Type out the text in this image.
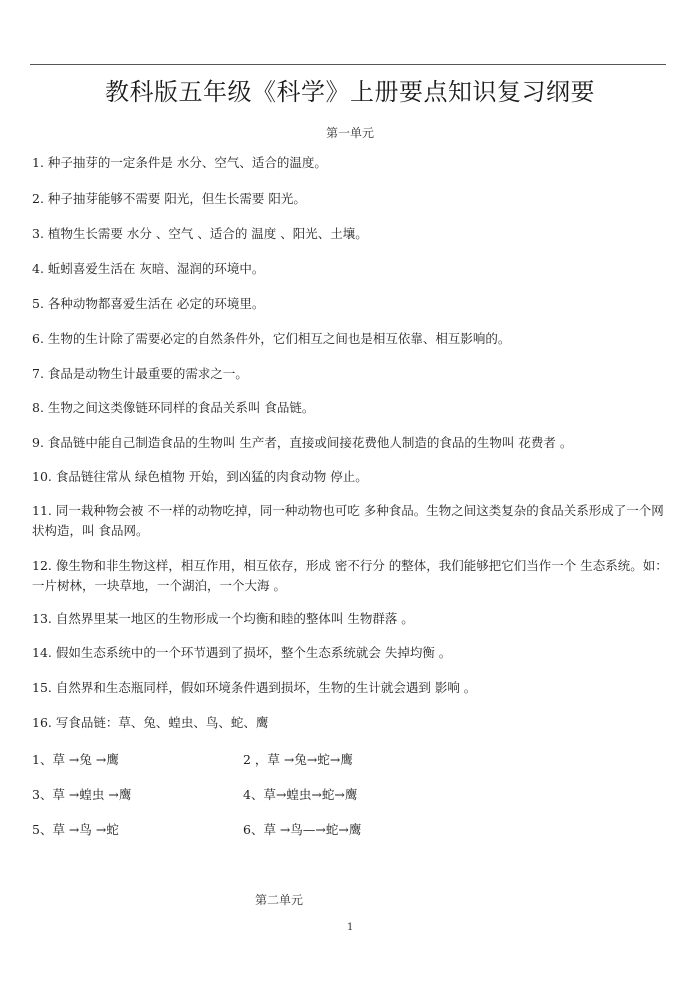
教科版五年级《科学》上册要点知识复习纲要
第一单元
1. 种子抽芽的一定条件是 水分、空气、适合的温度。
2. 种子抽芽能够不需要 阳光，但生长需要 阳光。
3. 植物生长需要 水分 、空气 、适合的 温度 、阳光、土壤。
4. 蚯蚓喜爱生活在 灰暗、湿润的环境中。
5. 各种动物都喜爱生活在 必定的环境里。
6. 生物的生计除了需要必定的自然条件外，它们相互之间也是相互依靠、相互影响的。
7. 食品是动物生计最重要的需求之一。
8. 生物之间这类像链环同样的食品关系叫 食品链。
9. 食品链中能自己制造食品的生物叫 生产者，直接或间接花费他人制造的食品的生物叫 花费者 。
10. 食品链往常从 绿色植物 开始，到凶猛的肉食动物 停止。
11. 同一栽种物会被 不一样的动物吃掉，同一种动物也可吃 多种食品。生物之间这类复杂的食品关系形成了一个网状构造，叫 食品网。
12. 像生物和非生物这样，相互作用，相互依存，形成 密不行分 的整体，我们能够把它们当作一个 生态系统。如： 一片树林，一块草地，一个湖泊，一个大海 。
13. 自然界里某一地区的生物形成一个均衡和睦的整体叫 生物群落 。
14. 假如生态系统中的一个环节遇到了损坏，整个生态系统就会 失掉均衡 。
15. 自然界和生态瓶同样，假如环境条件遇到损坏，生物的生计就会遇到 影响 。
16. 写食品链：草、兔、蝗虫、鸟、蛇、鹰
1、草 →兔 →鹰	2 ，草 →兔→蛇→鹰
3、草 →蝗虫 →鹰	4、草→蝗虫→蛇→鹰
5、草 →鸟 →蛇	6、草 →鸟—→蛇→鹰
第二单元
1
